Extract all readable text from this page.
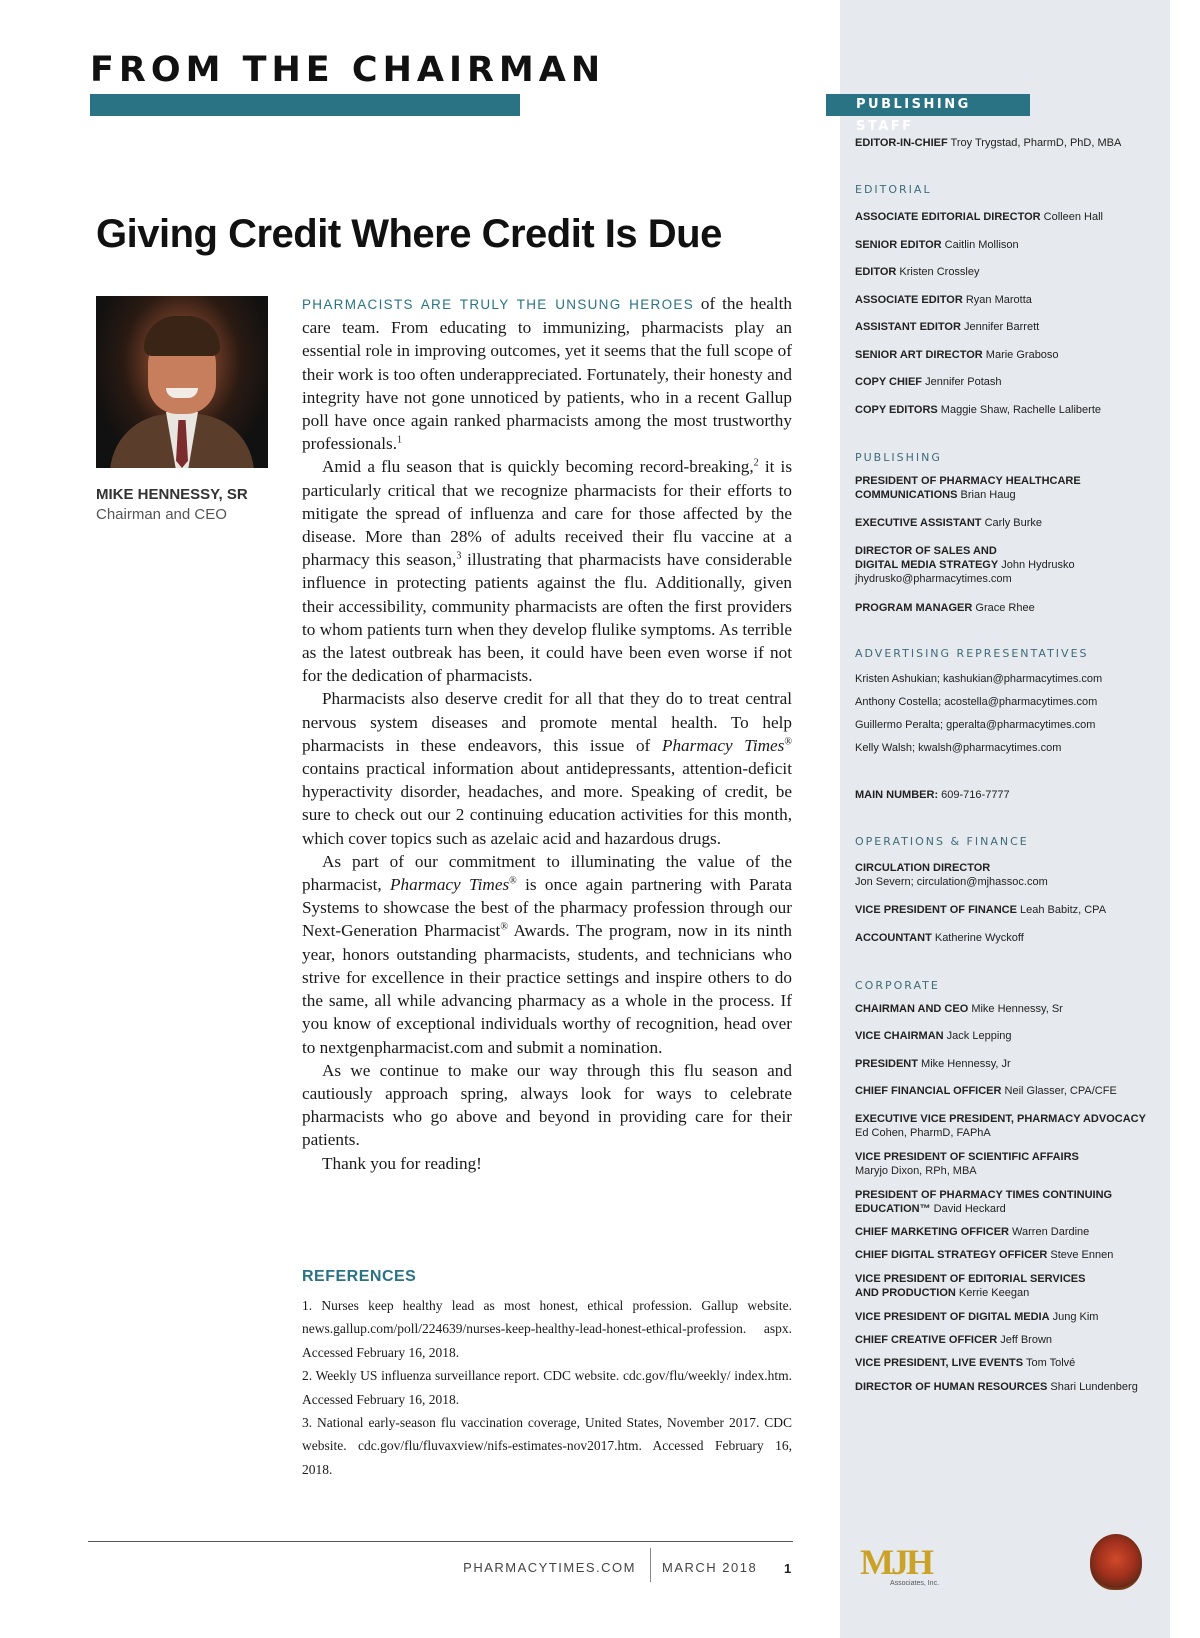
FROM THE CHAIRMAN
Giving Credit Where Credit Is Due
MIKE HENNESSY, SR
Chairman and CEO

PHARMACISTS ARE TRULY THE UNSUNG HEROES of the health care team. From educating to immunizing, pharmacists play an essential role in improving outcomes, yet it seems that the full scope of their work is too often underappreciated. Fortunately, their honesty and integrity have not gone unnoticed by patients, who in a recent Gallup poll have once again ranked pharmacists among the most trustworthy professionals.$^1$

Amid a flu season that is quickly becoming record-breaking,$^2$ it is particularly critical that we recognize pharmacists for their efforts to mitigate the spread of influenza and care for those affected by the disease. More than 28% of adults received their flu vaccine at a pharmacy this season,$^3$ illustrating that pharmacists have considerable influence in protecting patients against the flu. Additionally, given their accessibility, community pharmacists are often the first providers to whom patients turn when they develop flulike symptoms. As terrible as the latest outbreak has been, it could have been even worse if not for the dedication of pharmacists.

Pharmacists also deserve credit for all that they do to treat central nervous system diseases and promote mental health. To help pharmacists in these endeavors, this issue of Pharmacy Times® contains practical information about antidepressants, attention-deficit hyperactivity disorder, headaches, and more. Speaking of credit, be sure to check out our 2 continuing education activities for this month, which cover topics such as azelaic acid and hazardous drugs.

As part of our commitment to illuminating the value of the pharmacist, Pharmacy Times® is once again partnering with Parata Systems to showcase the best of the pharmacy profession through our Next-Generation Pharmacist® Awards. The program, now in its ninth year, honors outstanding pharmacists, students, and technicians who strive for excellence in their practice settings and inspire others to do the same, all while advancing pharmacy as a whole in the process. If you know of exceptional individuals worthy of recognition, head over to nextgenpharmacist.com and submit a nomination.

As we continue to make our way through this flu season and cautiously approach spring, always look for ways to celebrate pharmacists who go above and beyond in providing care for their patients.

Thank you for reading!

REFERENCES

1. Nurses keep healthy lead as most honest, ethical profession. Gallup website. news.gallup.com/poll/224639/nurses-keep-healthy-lead-honest-ethical-profession. aspx. Accessed February 16, 2018.

2. Weekly US influenza surveillance report. CDC website. cdc.gov/flu/weekly/ index.htm. Accessed February 16, 2018.

3. National early-season flu vaccination coverage, United States, November 2017. CDC website. cdc.gov/flu/fluvaxview/nifs-estimates-nov2017.htm. Accessed February 16, 2018.

PHARMACYTIMES.COM MARCH 2018 1
PUBLISHING STAFF
EDITOR-IN-CHIEF Troy Trygstad, PharmD, PhD, MBA
EDITORIAL
ASSOCIATE EDITORIAL DIRECTOR Colleen Hall
SENIOR EDITOR Caitlin Mollison
EDITOR Kristen Crossley
ASSOCIATE EDITOR Ryan Marotta
ASSISTANT EDITOR Jennifer Barrett
SENIOR ART DIRECTOR Marie Graboso
COPY CHIEF Jennifer Potash
COPY EDITORS Maggie Shaw, Rachelle Laliberte
PUBLISHING
PRESIDENT OF PHARMACY HEALTHCARE
COMMUNICATIONS Brian Haug
EXECUTIVE ASSISTANT Carly Burke
DIRECTOR OF SALES AND
DIGITAL MEDIA STRATEGY John Hydrusko
jhydrusko@pharmacytimes.com
PROGRAM MANAGER Grace Rhee
ADVERTISING REPRESENTATIVES
Kristen Ashukian; kashukian@pharmacytimes.com
Anthony Costella; acostella@pharmacytimes.com
Guillermo Peralta; gperalta@pharmacytimes.com
Kelly Walsh; kwalsh@pharmacytimes.com
MAIN NUMBER: 609-716-7777
OPERATIONS & FINANCE
CIRCULATION DIRECTOR
Jon Severn; circulation@mjhassoc.com
VICE PRESIDENT OF FINANCE Leah Babitz, CPA
ACCOUNTANT Katherine Wyckoff
CORPORATE
CHAIRMAN AND CEO Mike Hennessy, Sr
VICE CHAIRMAN Jack Lepping
PRESIDENT Mike Hennessy, Jr
CHIEF FINANCIAL OFFICER Neil Glasser, CPA/CFE
EXECUTIVE VICE PRESIDENT, PHARMACY ADVOCACY
Ed Cohen, PharmD, FAPhA
VICE PRESIDENT OF SCIENTIFIC AFFAIRS
Maryjo Dixon, RPh, MBA
PRESIDENT OF PHARMACY TIMES CONTINUING
EDUCATION™ David Heckard
CHIEF MARKETING OFFICER Warren Dardine
CHIEF DIGITAL STRATEGY OFFICER Steve Ennen
VICE PRESIDENT OF EDITORIAL SERVICES
AND PRODUCTION Kerrie Keegan
VICE PRESIDENT OF DIGITAL MEDIA Jung Kim
CHIEF CREATIVE OFFICER Jeff Brown
VICE PRESIDENT, LIVE EVENTS Tom Tolvé
DIRECTOR OF HUMAN RESOURCES Shari Lundenberg
MJH
Associates, Inc.
